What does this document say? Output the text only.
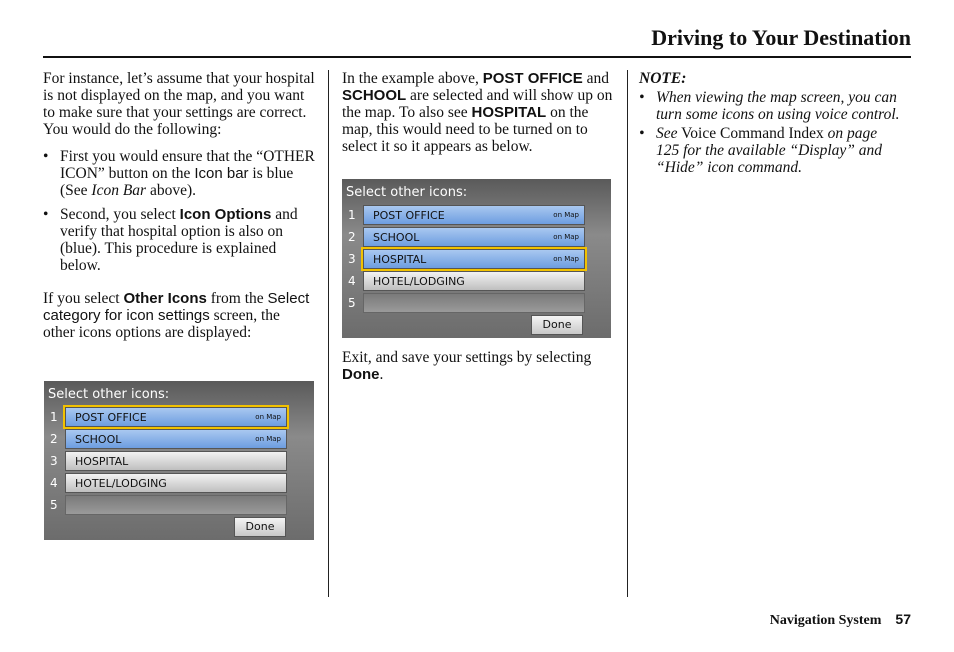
Driving to Your Destination

For instance, let’s assume that your hospital is not displayed on the map, and you want to make sure that your settings are correct. You would do the following:

• First you would ensure that the “OTHER ICON” button on the Icon bar is blue (See Icon Bar above).
• Second, you select Icon Options and verify that hospital option is also on (blue). This procedure is explained below.

If you select Other Icons from the Select category for icon settings screen, the other icons options are displayed:

Select other icons:
1 POST OFFICE	on Map
2 SCHOOL	on Map
3 HOSPITAL
4 HOTEL/LODGING
5
Done

In the example above, POST OFFICE and SCHOOL are selected and will show up on the map. To also see HOSPITAL on the map, this would need to be turned on to select it so it appears as below.

Select other icons:
1 POST OFFICE	on Map
2 SCHOOL	on Map
3 HOSPITAL	on Map
4 HOTEL/LODGING
5
Done

Exit, and save your settings by selecting Done.

NOTE:

• When viewing the map screen, you can turn some icons on using voice control.
• See Voice Command Index on page 125 for the available “Display” and “Hide” icon command.
Navigation System 57
